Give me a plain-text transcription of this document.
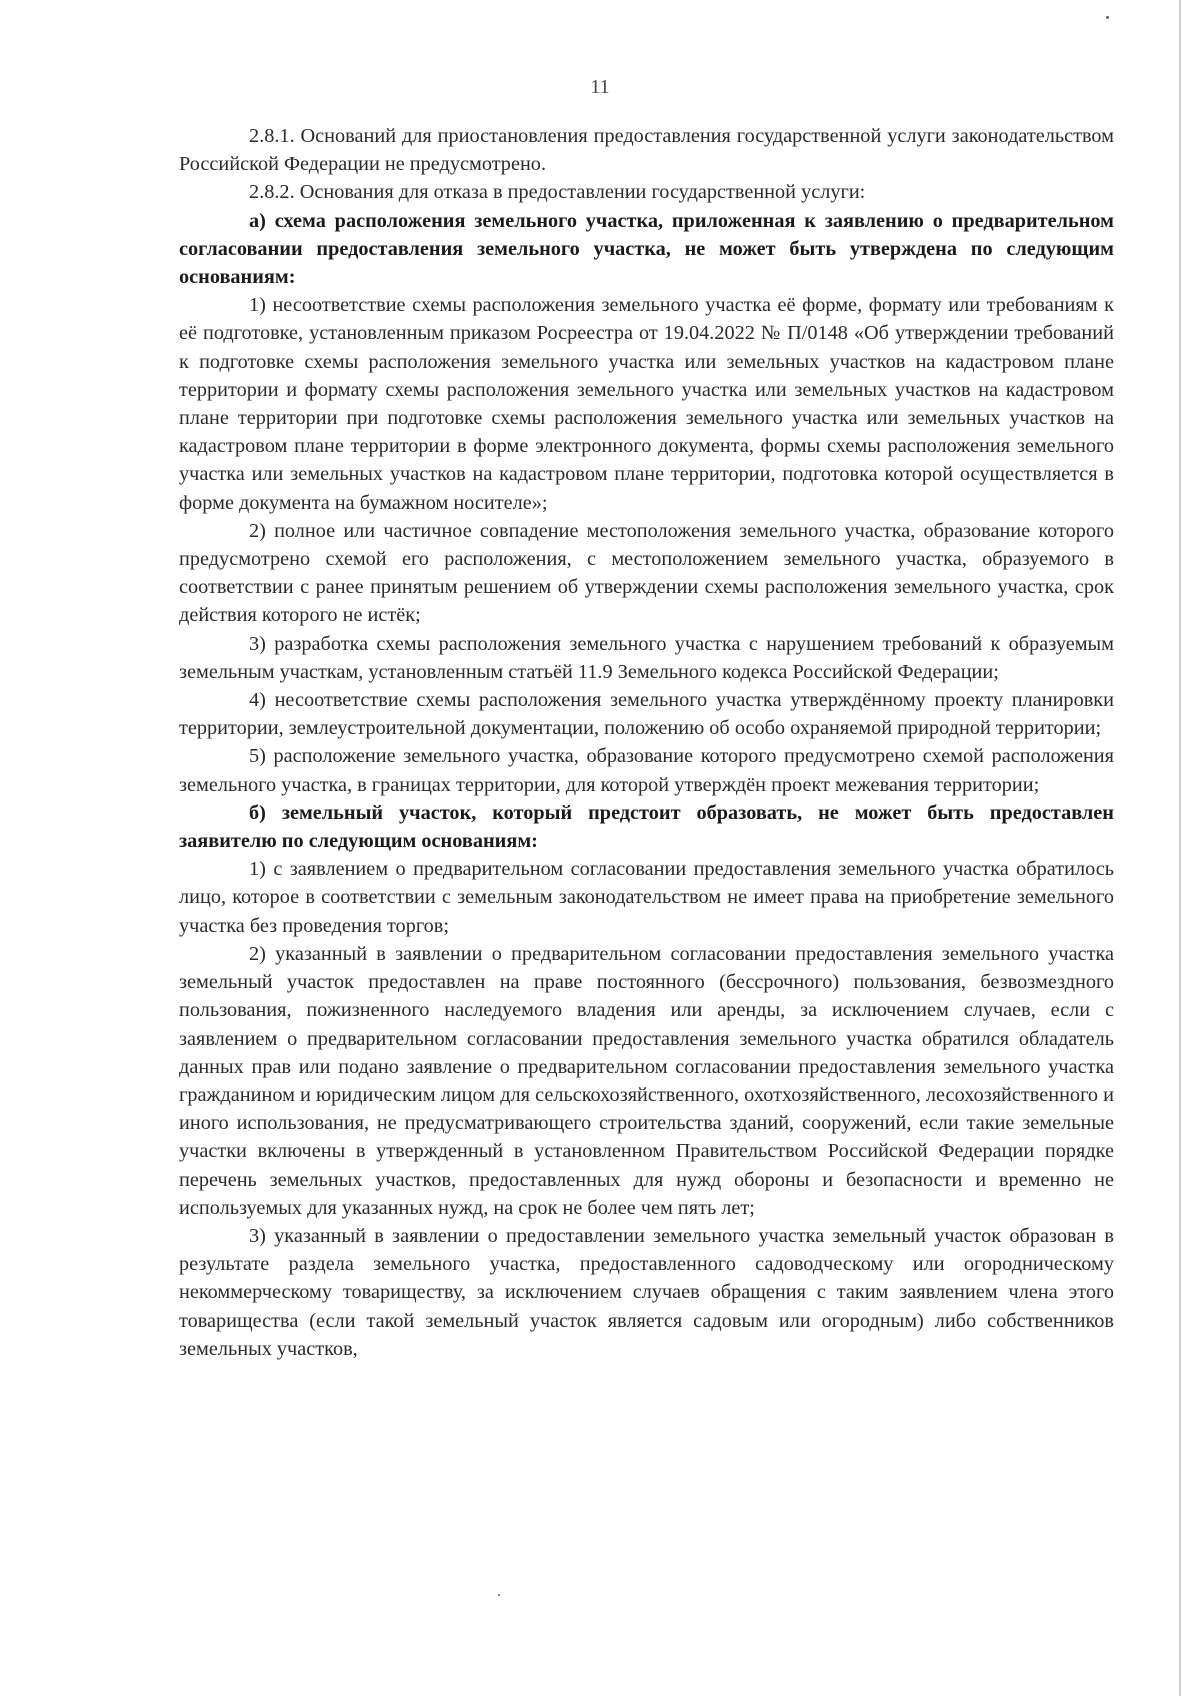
11

2.8.1. Оснований для приостановления предоставления государственной услуги законодательством Российской Федерации не предусмотрено.

2.8.2. Основания для отказа в предоставлении государственной услуги:

а) схема расположения земельного участка, приложенная к заявлению о предварительном согласовании предоставления земельного участка, не может быть утверждена по следующим основаниям:

1) несоответствие схемы расположения земельного участка её форме, формату или требованиям к её подготовке, установленным приказом Росреестра от 19.04.2022 № П/0148 «Об утверждении требований к подготовке схемы расположения земельного участка или земельных участков на кадастровом плане территории и формату схемы расположения земельного участка или земельных участков на кадастровом плане территории при подготовке схемы расположения земельного участка или земельных участков на кадастровом плане территории в форме электронного документа, формы схемы расположения земельного участка или земельных участков на кадастровом плане территории, подготовка которой осуществляется в форме документа на бумажном носителе»;

2) полное или частичное совпадение местоположения земельного участка, образование которого предусмотрено схемой его расположения, с местоположением земельного участка, образуемого в соответствии с ранее принятым решением об утверждении схемы расположения земельного участка, срок действия которого не истёк;

3) разработка схемы расположения земельного участка с нарушением требований к образуемым земельным участкам, установленным статьёй 11.9 Земельного кодекса Российской Федерации;

4) несоответствие схемы расположения земельного участка утверждённому проекту планировки территории, землеустроительной документации, положению об особо охраняемой природной территории;

5) расположение земельного участка, образование которого предусмотрено схемой расположения земельного участка, в границах территории, для которой утверждён проект межевания территории;

б) земельный участок, который предстоит образовать, не может быть предоставлен заявителю по следующим основаниям:

1) с заявлением о предварительном согласовании предоставления земельного участка обратилось лицо, которое в соответствии с земельным законодательством не имеет права на приобретение земельного участка без проведения торгов;

2) указанный в заявлении о предварительном согласовании предоставления земельного участка земельный участок предоставлен на праве постоянного (бессрочного) пользования, безвозмездного пользования, пожизненного наследуемого владения или аренды, за исключением случаев, если с заявлением о предварительном согласовании предоставления земельного участка обратился обладатель данных прав или подано заявление о предварительном согласовании предоставления земельного участка гражданином и юридическим лицом для сельскохозяйственного, охотхозяйственного, лесохозяйственного и иного использования, не предусматривающего строительства зданий, сооружений, если такие земельные участки включены в утвержденный в установленном Правительством Российской Федерации порядке перечень земельных участков, предоставленных для нужд обороны и безопасности и временно не используемых для указанных нужд, на срок не более чем пять лет;

3) указанный в заявлении о предоставлении земельного участка земельный участок образован в результате раздела земельного участка, предоставленного садоводческому или огородническому некоммерческому товариществу, за исключением случаев обращения с таким заявлением члена этого товарищества (если такой земельный участок является садовым или огородным) либо собственников земельных участков,
